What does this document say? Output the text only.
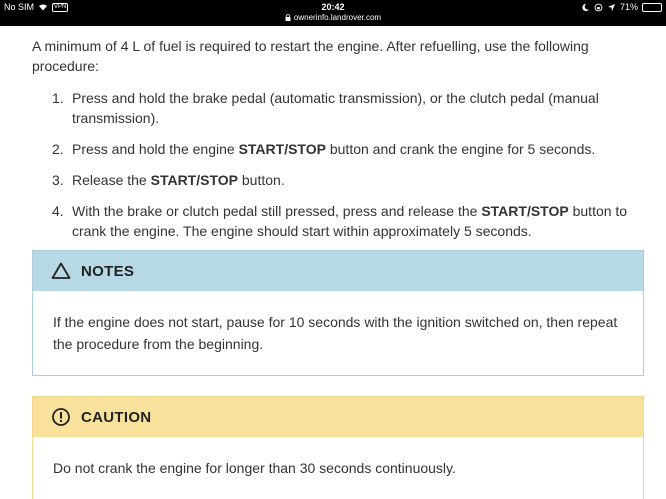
No SIM	VPN	20:42
ownerinfo.landrover.com
71%

A minimum of 4 L of fuel is required to restart the engine. After refuelling, use the following procedure:

1. Press and hold the brake pedal (automatic transmission), or the clutch pedal (manual transmission).
2. Press and hold the engine START/STOP button and crank the engine for 5 seconds.
3. Release the START/STOP button.
4. With the brake or clutch pedal still pressed, press and release the START/STOP button to crank the engine. The engine should start within approximately 5 seconds.
NOTES
If the engine does not start, pause for 10 seconds with the ignition switched on, then repeat the procedure from the beginning.
CAUTION
Do not crank the engine for longer than 30 seconds continuously.
